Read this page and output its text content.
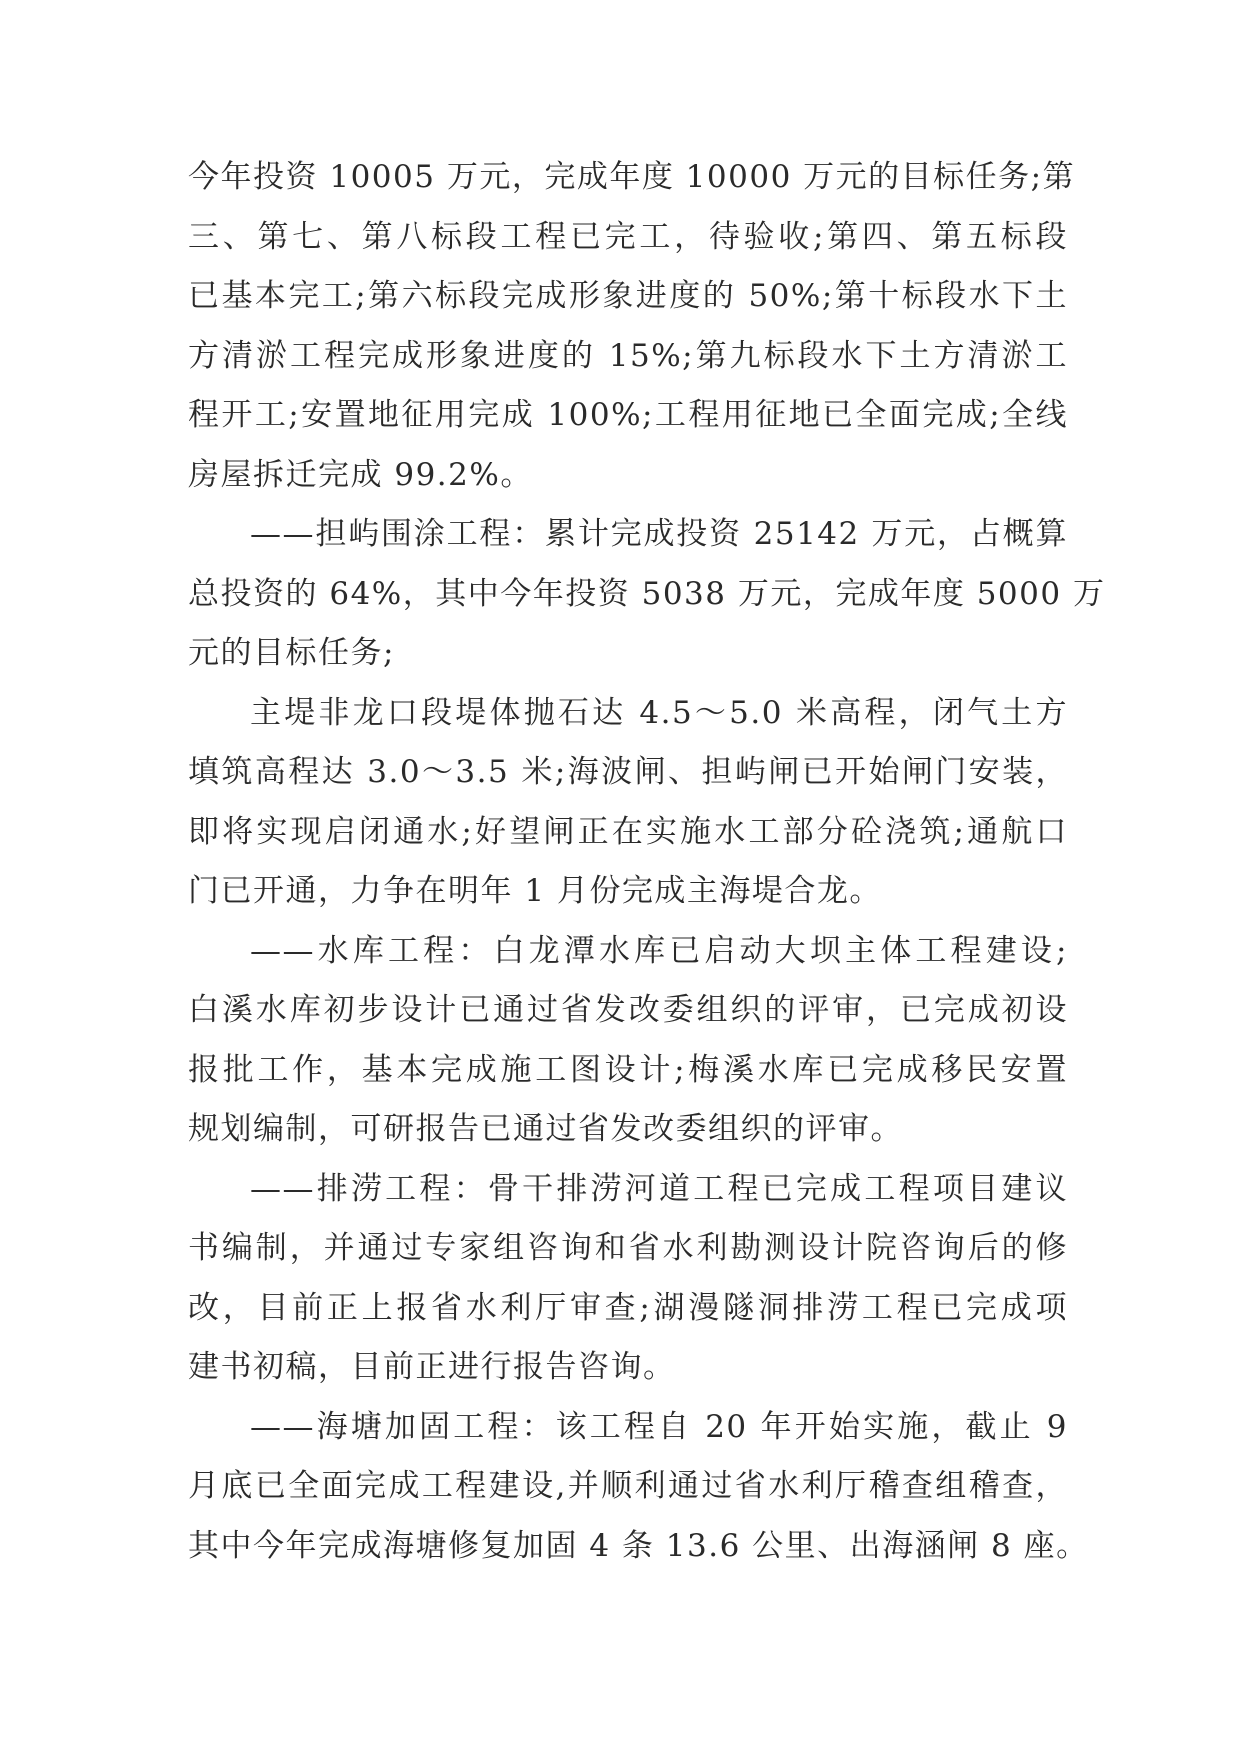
今年投资 10005 万元，完成年度 10000 万元的目标任务;第
三、第七、第八标段工程已完工，待验收;第四、第五标段
已基本完工;第六标段完成形象进度的 50%;第十标段水下土
方清淤工程完成形象进度的 15%;第九标段水下土方清淤工
程开工;安置地征用完成 100%;工程用征地已全面完成;全线
房屋拆迁完成 99.2%。
——担屿围涂工程：累计完成投资 25142 万元，占概算
总投资的 64%，其中今年投资 5038 万元，完成年度 5000 万
元的目标任务;
主堤非龙口段堤体抛石达 4.5～5.0 米高程，闭气土方
填筑高程达 3.0～3.5 米;海波闸、担屿闸已开始闸门安装，
即将实现启闭通水;好望闸正在实施水工部分砼浇筑;通航口
门已开通，力争在明年 1 月份完成主海堤合龙。
——水库工程：白龙潭水库已启动大坝主体工程建设;
白溪水库初步设计已通过省发改委组织的评审，已完成初设
报批工作，基本完成施工图设计;梅溪水库已完成移民安置
规划编制，可研报告已通过省发改委组织的评审。
——排涝工程：骨干排涝河道工程已完成工程项目建议
书编制，并通过专家组咨询和省水利勘测设计院咨询后的修
改，目前正上报省水利厅审查;湖漫隧洞排涝工程已完成项
建书初稿，目前正进行报告咨询。
——海塘加固工程：该工程自 20 年开始实施，截止 9
月底已全面完成工程建设,并顺利通过省水利厅稽查组稽查，
其中今年完成海塘修复加固 4 条 13.6 公里、出海涵闸 8 座。
